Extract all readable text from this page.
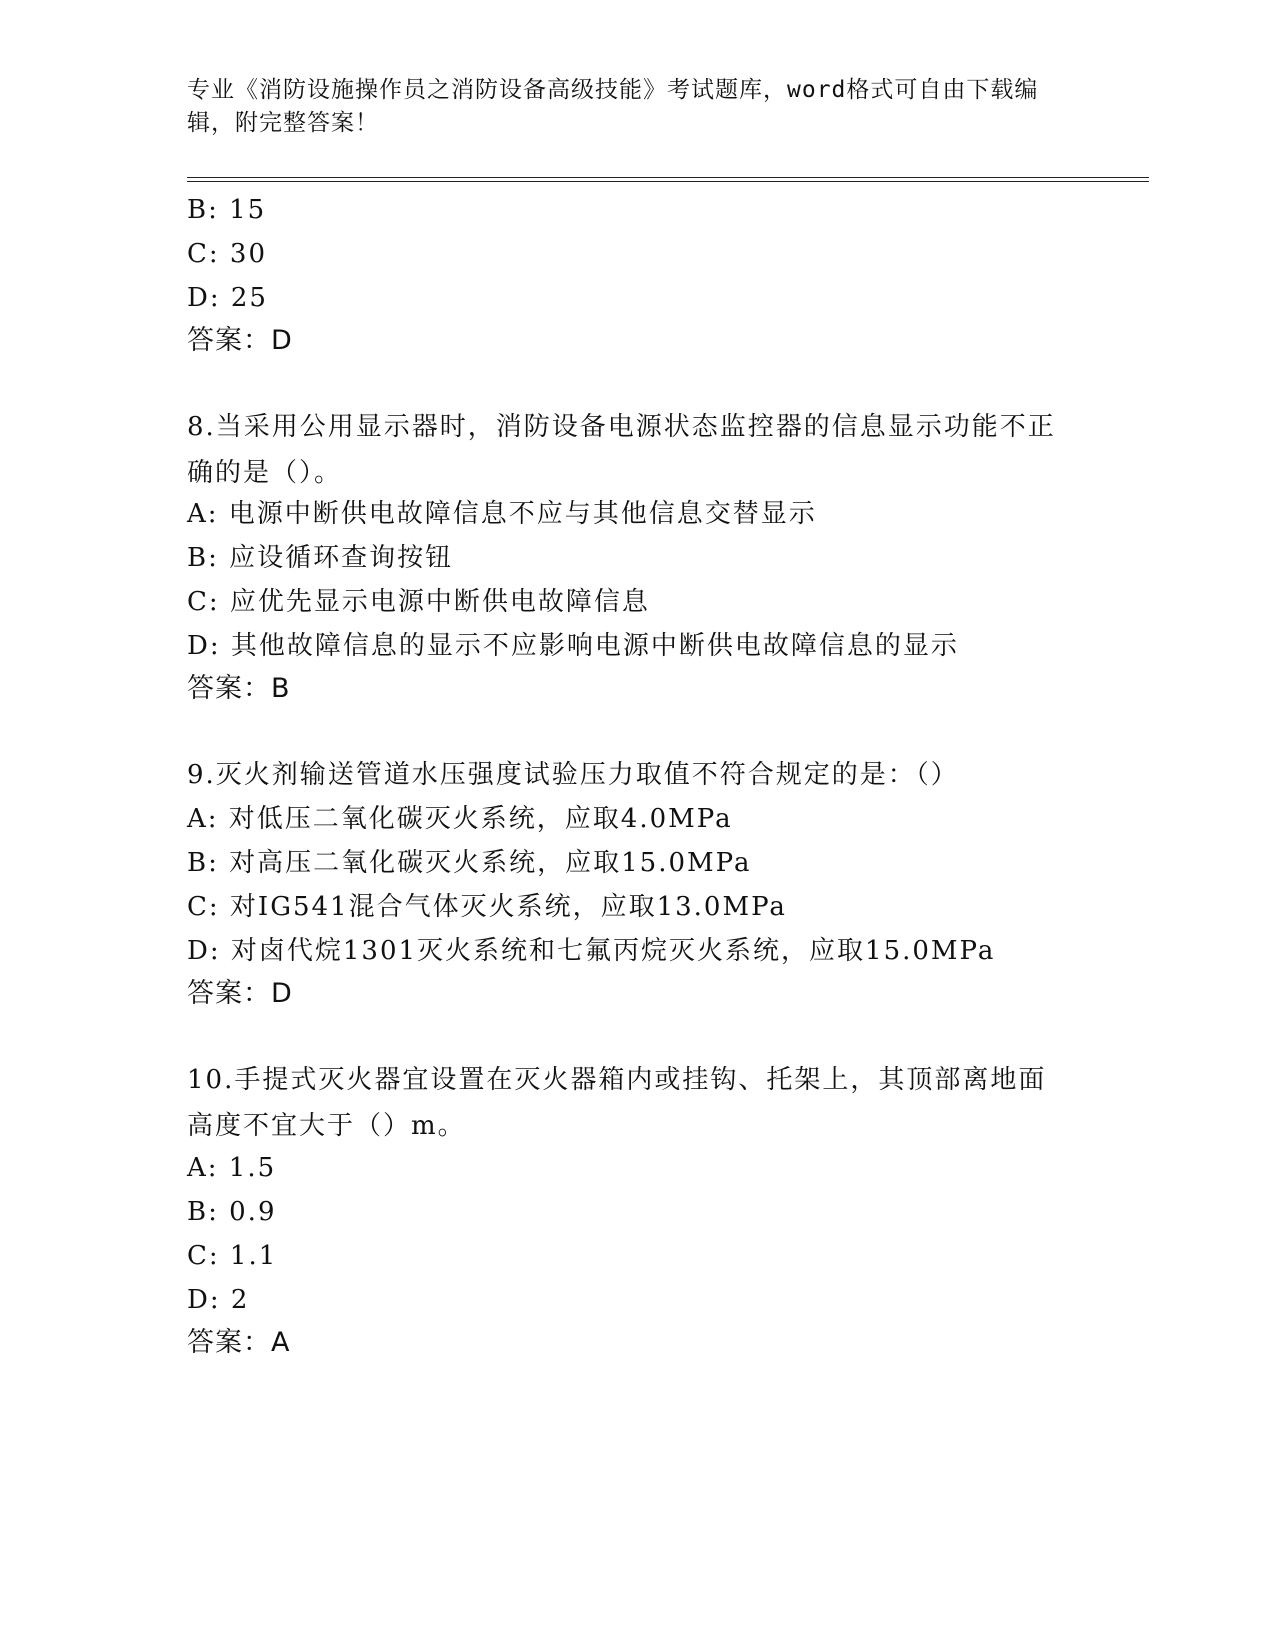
专业《消防设施操作员之消防设备高级技能》考试题库，word格式可自由下载编辑，附完整答案！
B: 15
C: 30
D: 25
答案：D
8.当采用公用显示器时，消防设备电源状态监控器的信息显示功能不正确的是（）。
A: 电源中断供电故障信息不应与其他信息交替显示
B: 应设循环查询按钮
C: 应优先显示电源中断供电故障信息
D: 其他故障信息的显示不应影响电源中断供电故障信息的显示
答案：B
9.灭火剂输送管道水压强度试验压力取值不符合规定的是：（）
A: 对低压二氧化碳灭火系统，应取4.0MPa
B: 对高压二氧化碳灭火系统，应取15.0MPa
C: 对IG541混合气体灭火系统，应取13.0MPa
D: 对卤代烷1301灭火系统和七氟丙烷灭火系统，应取15.0MPa
答案：D
10.手提式灭火器宜设置在灭火器箱内或挂钩、托架上，其顶部离地面高度不宜大于（）m。
A: 1.5
B: 0.9
C: 1.1
D: 2
答案：A
